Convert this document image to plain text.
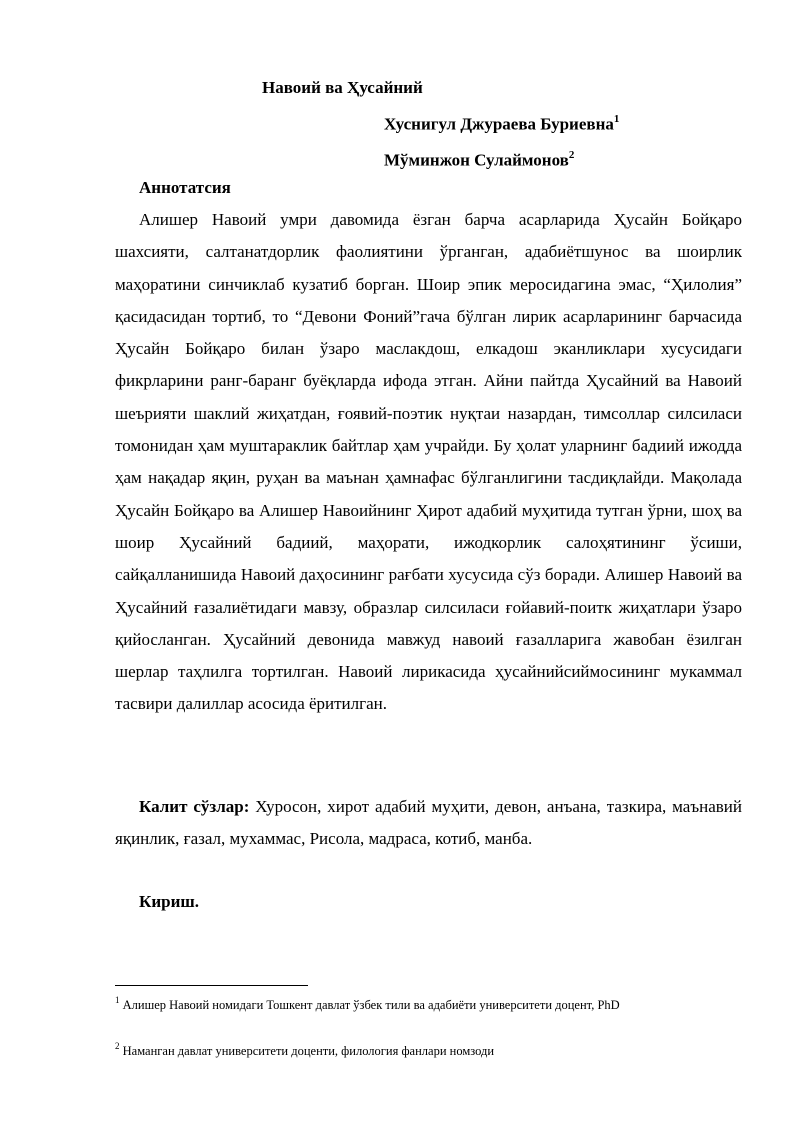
Навоий ва Ҳусайний
Хуснигул Джураева Буриевна$^1$
Мўминжон Сулаймонов$^2$
Аннотатсия

Алишер Навоий умри давомида ёзган барча асарларида Ҳусайн Бойқаро шахсияти, салтанатдорлик фаолиятини ўрганган, адабиётшунос ва шоирлик маҳоратини синчиклаб кузатиб борган. Шоир эпик меросидагина эмас, “Ҳилолия” қасидасидан тортиб, то “Девони Фоний”гача бўлган лирик асарларининг барчасида Ҳусайн Бойқаро билан ўзаро маслакдош, елкадош эканликлари хусусидаги фикрларини ранг-баранг буёқларда ифода этган. Айни пайтда Ҳусайний ва Навоий шеърияти шаклий жиҳатдан, ғоявий-поэтик нуқтаи назардан, тимсоллар силсиласи томонидан ҳам муштараклик байтлар ҳам учрайди. Бу ҳолат уларнинг бадиий ижодда ҳам нақадар яқин, руҳан ва маънан ҳамнафас бўлганлигини тасдиқлайди. Мақолада Ҳусайн Бойқаро ва Алишер Навоийнинг Ҳирот адабий муҳитида тутган ўрни, шоҳ ва шоир Ҳусайний бадиий, маҳорати, ижодкорлик салоҳятининг ўсиши, сайқалланишида Навоий даҳосининг рағбати хусусида сўз боради. Алишер Навоий ва Ҳусайний ғазалиётидаги мавзу, образлар силсиласи ғойавий-поитк жиҳатлари ўзаро қийосланган. Ҳусайний девонида мавжуд навоий ғазалларига жавобан ёзилган шерлар таҳлилга тортилган. Навоий лирикасида ҳусайнийсиймосининг мукаммал тасвири далиллар асосида ёритилган.

Калит сўзлар: Хуросон, хирот адабий муҳити, девон, анъана, тазкира, маънавий яқинлик, ғазал, мухаммас, Рисола, мадраса, котиб, манба.

Кириш.
$^1$ Алишер Навоий номидаги Тошкент давлат ўзбек тили ва адабиёти университети доцент, PhD
$^2$ Наманган давлат университети доценти, филология фанлари номзоди
